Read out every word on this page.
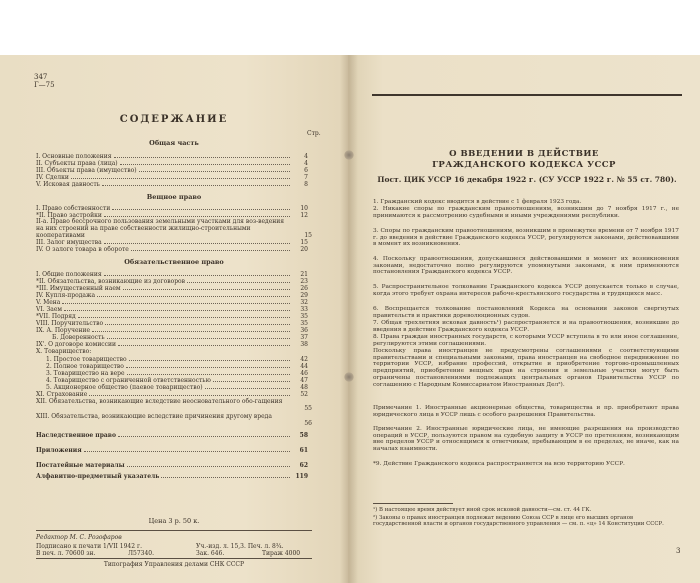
347
Г—75
СОДЕРЖАНИЕ
Стр.
Общая часть
I. Основные положения	4
II. Субъекты права (лица)	4
III. Объекты права (имущество)	6
IV. Сделки	7
V. Исковая давность	8
Вещное право
I. Право собственности	10
*II. Право застройки	12
II-а. Право бессрочного пользования земельными участками для воз-ведения на них строений на праве собственности жилищно-строительными кооперативами	15
III. Залог имущества	15
IV. О залоге товара в обороте	20
Обязательственное право
I. Общие положения	21
*II. Обязательства, возникающие из договоров	23
*III. Имущественный наем	26
IV. Купля-продажа	29
V. Мена	32
VI. Заем	33
*VII. Подряд	35
VIII. Поручительство	35
IX. А. Поручение	36
Б. Доверенность	37
IX'. О договоре комиссии	38
X. Товарищество:
1. Простое товарищество	42
2. Полное товарищество	44
3. Товарищество на вере	46
4. Товарищество с ограниченной ответственностью	47
5. Акционерное общество (паевое товарищество)	48
XI. Страхование	52
XII. Обязательства, возникающие вследствие неосновательного обо-гащения
55
XIII. Обязательства, возникающие вследствие причинения другому вреда
56
Наследственное право	58
Приложения	61
Постатейные материалы	62
Алфавитно-предметный указатель	119
Цена 3 р. 50 к.
Редактор М. С. Розофаров
Подписано к печати 1/VII 1942 г.	Уч.-изд. л. 15,3. Печ. л. 8¾.
В печ. л. 70600 зн.	Л57340.	Зак. 646.	Тираж 4000
Типография Управления делами СНК СССР
О ВВЕДЕНИИ В ДЕЙСТВИЕ ГРАЖДАНСКОГО КОДЕКСА УССР
Пост. ЦИК УССР 16 декабря 1922 г. (СУ УССР 1922 г. № 55 ст. 780).
1. Гражданский кодекс вводится в действие с 1 февраля 1923 года.
2. Никакие споры по гражданским правоотношениям, возникшим до 7 ноября 1917 г., не принимаются к рассмотрению судебными и иными учреждениями республики.
3. Споры по гражданским правоотношениям, возникшим в промежутке времени от 7 ноября 1917 г. до введения в действие Гражданского кодекса УССР, регулируются законами, действовавшими в момент их возникновения.
4. Поскольку правоотношения, допускавшиеся действовавшими в момент их возникновения законами, недостаточно полно регулируются упомянутыми законами, к ним применяются постановления Гражданского кодекса УССР.
5. Распространительное толкование Гражданского кодекса УССР допускается только в случае, когда этого требует охрана интересов рабоче-крестьянского государства и трудящихся масс.
6. Воспрещается толкование постановлений Кодекса на основании законов свергнутых правительств и практики дореволюционных судов.
7. Общая трехлетняя исковая давность¹) распространяется и на правоотношения, возникшие до введения в действие Гражданского кодекса УССР.
8. Права граждан иностранных государств, с которыми УССР вступила в то или иное соглашение, регулируются этими соглашениями.
Поскольку права иностранцев не предусмотрены соглашениями с соответствующими правительствами и специальными законами, права иностранцев на свободное передвижение по территории УССР, избрание профессий, открытие и приобретение торгово-промышленных предприятий, приобретение вещных прав на строения и земельные участки могут быть ограничены постановлениями подлежащих центральных органов Правительства УССР по соглашению с Народным Комиссариатом Иностранных Дел²).
Примечание 1. Иностранные акционерные общества, товарищества и пр. приобретают права юридического лица в УССР лишь с особого разрешения Правительства.
Примечание 2. Иностранные юридические лица, не имеющие разрешения на производство операций в УССР, пользуются правом на судебную защиту в УССР по претензиям, возникающим вне пределов УССР и относящимся к ответчикам, пребывающим в ее пределах, не иначе, как на началах взаимности.
*9. Действие Гражданского кодекса распространяется на всю территорию УССР.
¹) В настоящее время действует иной срок исковой давности—см. ст. 44 ГК.
²) Законы о правах иностранцев подлежат ведению Союза ССР в лице его высших органов государственной власти и органов государственного управления — см. п. «ц» 14 Конституции СССР.
3
